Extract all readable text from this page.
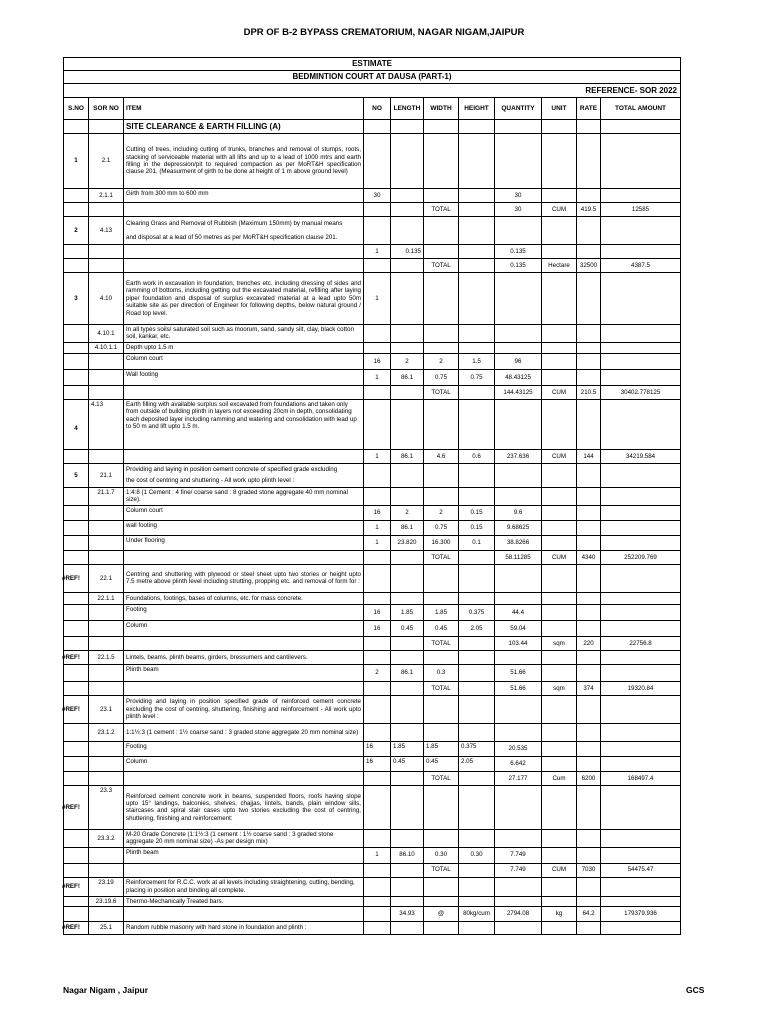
DPR OF B-2 BYPASS CREMATORIUM, NAGAR NIGAM,JAIPUR
ESTIMATE
BEDMINTION COURT AT DAUSA (PART-1)
REFERENCE- SOR 2022
S.NO	SOR NO	ITEM	NO	LENGTH	WIDTH	HEIGHT	QUANTITY	UNIT	RATE	TOTAL AMOUNT
		SITE CLEARANCE & EARTH FILLING (A)								
1	2.1	Cutting of trees, including cutting of trunks, branches and removal of stumps, roots, stacking of serviceable material with all lifts and up to a lead of 1000 mtrs and earth filling in the depression/pit to required compaction as per MoRT&H specification clause 201. (Measurment of girth to be done at height of 1 m above ground level)								
	2.1.1	Girth from 300 mm to 600 mm	30				30			
					TOTAL		30	CUM	419.5	12585
2	4.13	Clearing Grass and Removal of Rubbish (Maximum 150mm) by manual means
and disposal at a lead of 50 metres as per MoRT&H specification clause 201.

			1	0.135			0.135			
					TOTAL		0.135	Hectare	32500	4387.5
3	4.10	Earth work in excavation in foundation, trenches etc. including dressing of sides and ramming of bottoms, including getting out the excavated material, refilling after laying pipe/ foundation and disposal of surplus excavated material at a lead upto 50m suitable site as per direction of Engineer for following depths, below natural ground / Road top level.	1							
	4.10.1	In all types soils/ saturated soil such as moorum, sand, sandy silt, clay, black cotton soil, kankar, etc.								
	4.10.1.1	Depth upto 1.5 m								
		Column court	16	2	2	1.5	96			
		Wall footing	1	86.1	0.75	0.75	48.43125			
					TOTAL		144.43125	CUM	210.5	30402.778125

4	4.13	Earth filling with available surplus soil excavated from foundations and taken only from outside of building plinth in layers not exceeding 20cm in depth, consolidating each deposited layer including ramming and watering and consolidation with lead up to 50 m and lift upto 1.5 m.								
			1	86.1	4.6	0.6	237.636	CUM	144	34219.584
5	21.1	Providing and laying in position cement concrete of specified grade excluding
the cost of centring and shuttering - All work upto plinth level :

	21.1.7	1:4:8 (1 Cement : 4 fine/ coarse sand : 8 graded stone aggregate 40 mm nominal size).								
		Column court	16	2	2	0.15	9.6			
		wall footing	1	86.1	0.75	0.15	9.68625			
		Under flooring	1	23.820	16.300	0.1	38.8266			
					TOTAL		58.11285	CUM	4340	252209.769
#REF!	22.1	Centring and shuttering with plywood or steel sheet upto two stories or height upto 7.5 metre above plinth level including strutting, propping etc. and removal of form for :								
	22.1.1	Foundations, footings, bases of columns, etc. for mass concrete.								
		Footing	16	1.85	1.85	0.375	44.4			
		Column	16	0.45	0.45	2.05	59.04			
					TOTAL		103.44	sqm	220	22756.8
#REF!	22.1.5	Lintels, beams, plinth beams, girders, bressumers and cantilevers.								
		Plinth beam	2	86.1	0.3		51.66			
					TOTAL		51.66	sqm	374	19320.84
#REF!	23.1	Providing and laying in position specified grade of reinforced cement concrete excluding the cost of centring, shuttering, finishing and reinforcement - All work upto plinth level :								
	23.1.2	1:1½:3 (1 cement : 1½ coarse sand : 3 graded stone aggregate 20 mm nominal size)								
		Footing	16	1.85	1.85	0.375	20.535			
		Column	16	0.45	0.45	2.05	6.642			
					TOTAL		27.177	Cum	6200	168497.4
#REF!	23.3	Reinforced cement concrete work in beams, suspended floors, roofs having slope upto 15° landings, balconies, shelves, chajjas, lintels, bands, plain window sills, staircases and spiral stair cases upto two stories excluding the cost of centring, shuttering, finishing and reinforcement:								
	23.3.2	M-20 Grade Concrete (1:1½:3 (1 cement : 1½ coarse sand : 3 graded stone aggregate 20 mm nominal size) -As per design mix)								
		Plinth beam	1	86.10	0.30	0.30	7.749			
					TOTAL		7.749	CUM	7030	54475.47
#REF!	23.19	Reinforcement for R.C.C. work at all levels including straightening, cutting, bending, placing in position and binding all complete.								
	23.19.6	Thermo-Mechanically Treated bars.								
				34.93	@	80kg/cum	2794.08	kg	64.2	179379.936
#REF!	25.1	Random rubble masonry with hard stone in foundation and plinth :								
Nagar Nigam , Jaipur	GCS
